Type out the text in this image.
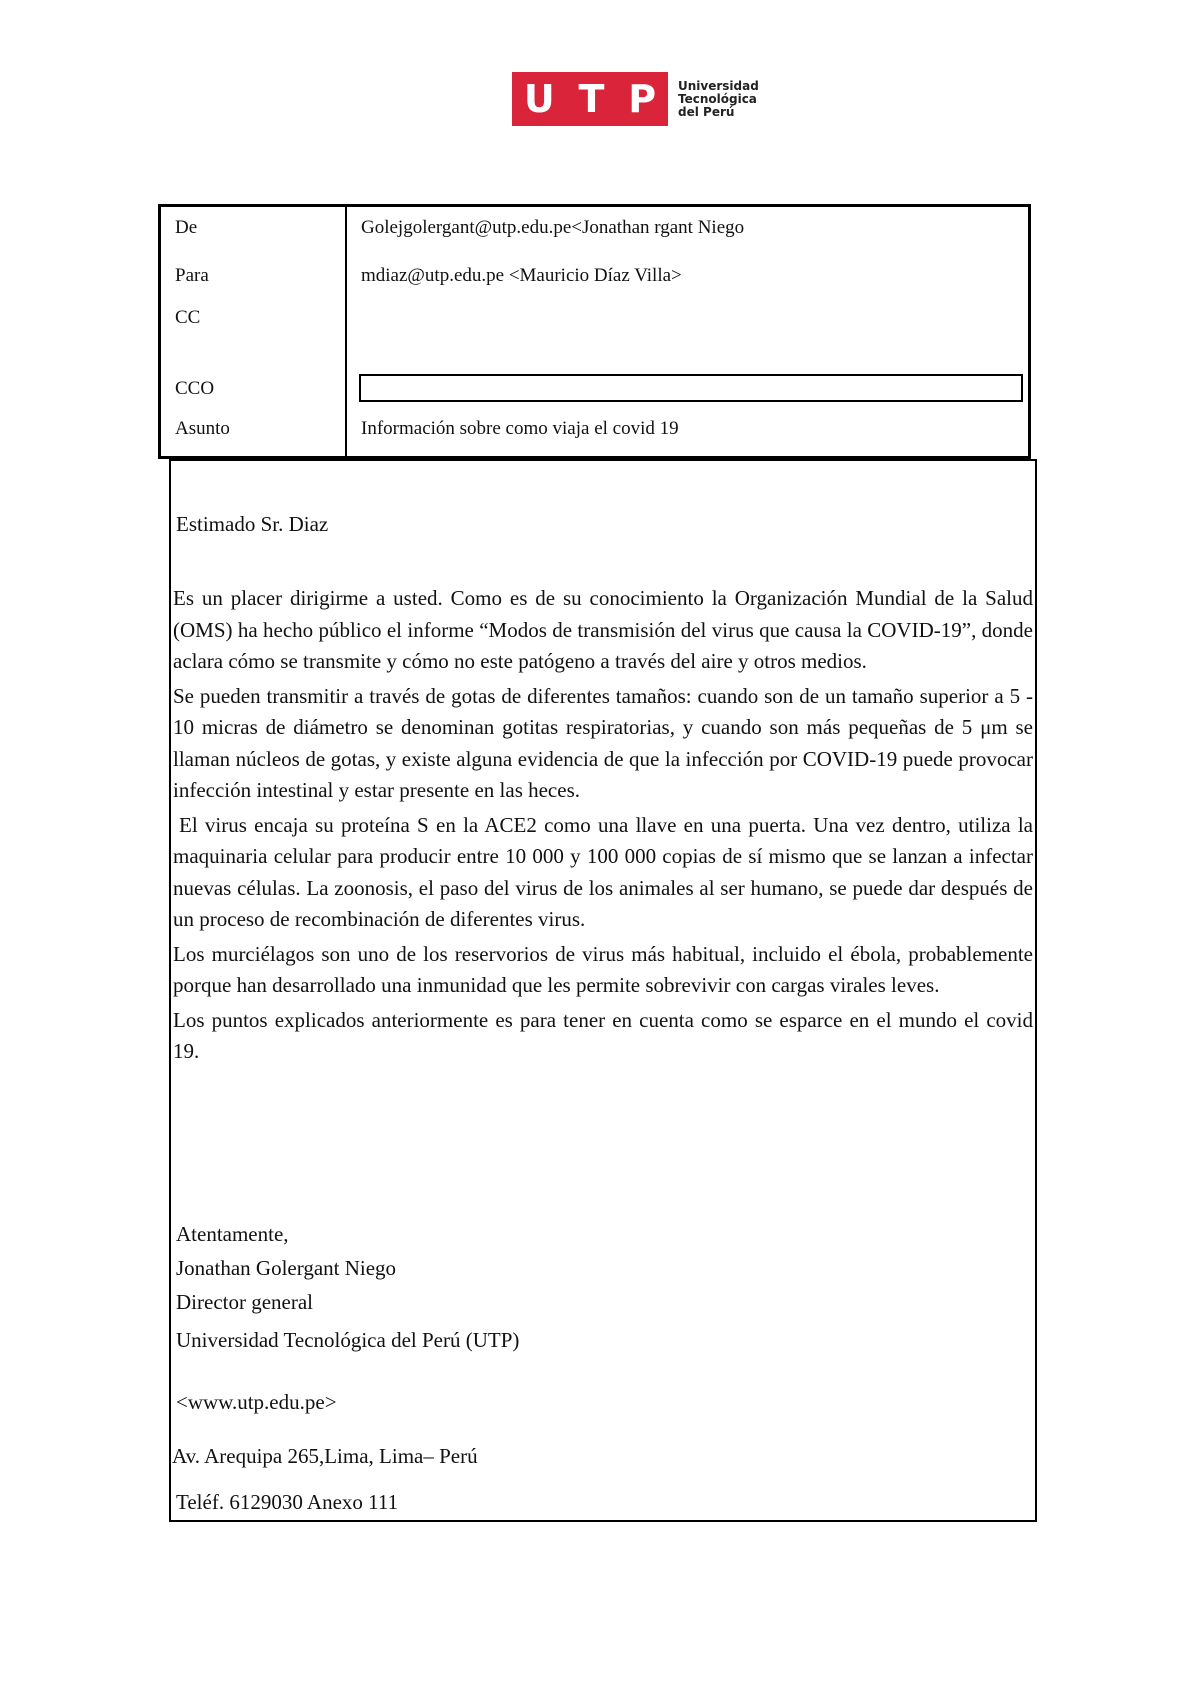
U T P Universidad
Tecnológica
del Perú
De	Golejgolergant@utp.edu.pe<Jonathan rgant Niego
Para	mdiaz@utp.edu.pe <Mauricio Díaz Villa>
CC	
CCO	

Asunto	Información sobre como viaja el covid 19

Estimado Sr. Diaz

Es un placer dirigirme a usted. Como es de su conocimiento la Organización Mundial de la Salud (OMS) ha hecho público el informe “Modos de transmisión del virus que causa la COVID-19”, donde aclara cómo se transmite y cómo no este patógeno a través del aire y otros medios.

Se pueden transmitir a través de gotas de diferentes tamaños: cuando son de un tamaño superior a 5 - 10 micras de diámetro se denominan gotitas respiratorias, y cuando son más pequeñas de 5 μm se llaman núcleos de gotas, y existe alguna evidencia de que la infección por COVID-19 puede provocar infección intestinal y estar presente en las heces.

El virus encaja su proteína S en la ACE2 como una llave en una puerta. Una vez dentro, utiliza la maquinaria celular para producir entre 10 000 y 100 000 copias de sí mismo que se lanzan a infectar nuevas células. La zoonosis, el paso del virus de los animales al ser humano, se puede dar después de un proceso de recombinación de diferentes virus.

Los murciélagos son uno de los reservorios de virus más habitual, incluido el ébola, probablemente porque han desarrollado una inmunidad que les permite sobrevivir con cargas virales leves.

Los puntos explicados anteriormente es para tener en cuenta como se esparce en el mundo el covid 19.

Atentamente,

Jonathan Golergant Niego

Director general

Universidad Tecnológica del Perú (UTP)

<www.utp.edu.pe>

Av. Arequipa 265,Lima, Lima– Perú

Teléf. 6129030 Anexo 111
